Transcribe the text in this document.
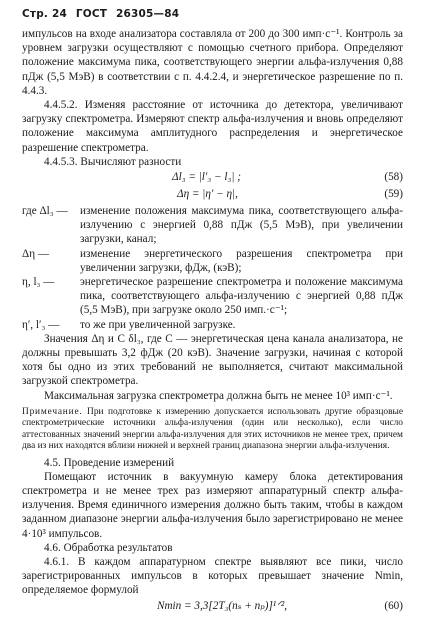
Стр. 24 ГОСТ 26305—84

импульсов на входе анализатора составляла от 200 до 300 имп·с⁻¹. Контроль за уровнем загрузки осуществляют с помощью счетного прибора. Определяют положение максимума пика, соответствующего энергии альфа-излучения 0,88 пДж (5,5 МэВ) в соответствии с п. 4.4.2.4, и энергетическое разрешение по п. 4.4.3.

4.4.5.2. Изменяя расстояние от источника до детектора, увеличивают загрузку спектрометра. Измеряют спектр альфа-излучения и вновь определяют положение максимума амплитудного распределения и энергетическое разрешение спектрометра.

4.4.5.3. Вычисляют разности

Δl₃ = |l′₃ − l₃| ;	(58)
Δη = |η′ − η|,	(59)
где Δl₃ —	изменение положения максимума пика, соответствующего альфа-излучению с энергией 0,88 пДж (5,5 МэВ), при увеличении загрузки, канал;
Δη —	изменение энергетического разрешения спектрометра при увеличении загрузки, фДж, (кэВ);
η, l₃ —	энергетическое разрешение спектрометра и положение максимума пика, соответствующего альфа-излучению с энергией 0,88 пДж (5,5 МэВ), при загрузке около 250 имп.·с⁻¹;
η′, l′₃ —	то же при увеличенной загрузке.

Значения Δη и С δl₃, где С — энергетическая цена канала анализатора, не должны превышать 3,2 фДж (20 кэВ). Значение загрузки, начиная с которой хотя бы одно из этих требований не выполняется, считают максимальной загрузкой спектрометра.

Максимальная загрузка спектрометра должна быть не менее 10³ имп·с⁻¹.

Примечание. При подготовке к измерению допускается использовать другие образцовые спектрометрические источники альфа-излучения (один или несколько), если число аттестованных значений энергии альфа-излучения для этих источников не менее трех, причем два из них находятся вблизи нижней и верхней границ диапазона энергии альфа-излучения.

4.5. Проведение измерений

Помещают источник в вакуумную камеру блока детектирования спектрометра и не менее трех раз измеряют аппаратурный спектр альфа-излучения. Время единичного измерения должно быть таким, чтобы в каждом заданном диапазоне энергии альфа-излучения было зарегистрировано не менее 4·10³ импульсов.

4.6. Обработка результатов

4.6.1. В каждом аппаратурном спектре выявляют все пики, число зарегистрированных импульсов в которых превышает значение Nmin, определяемое формулой

Nmin = 3,3[2T₃(nₛ + nₚ)]¹ᐟ²,	(60)
